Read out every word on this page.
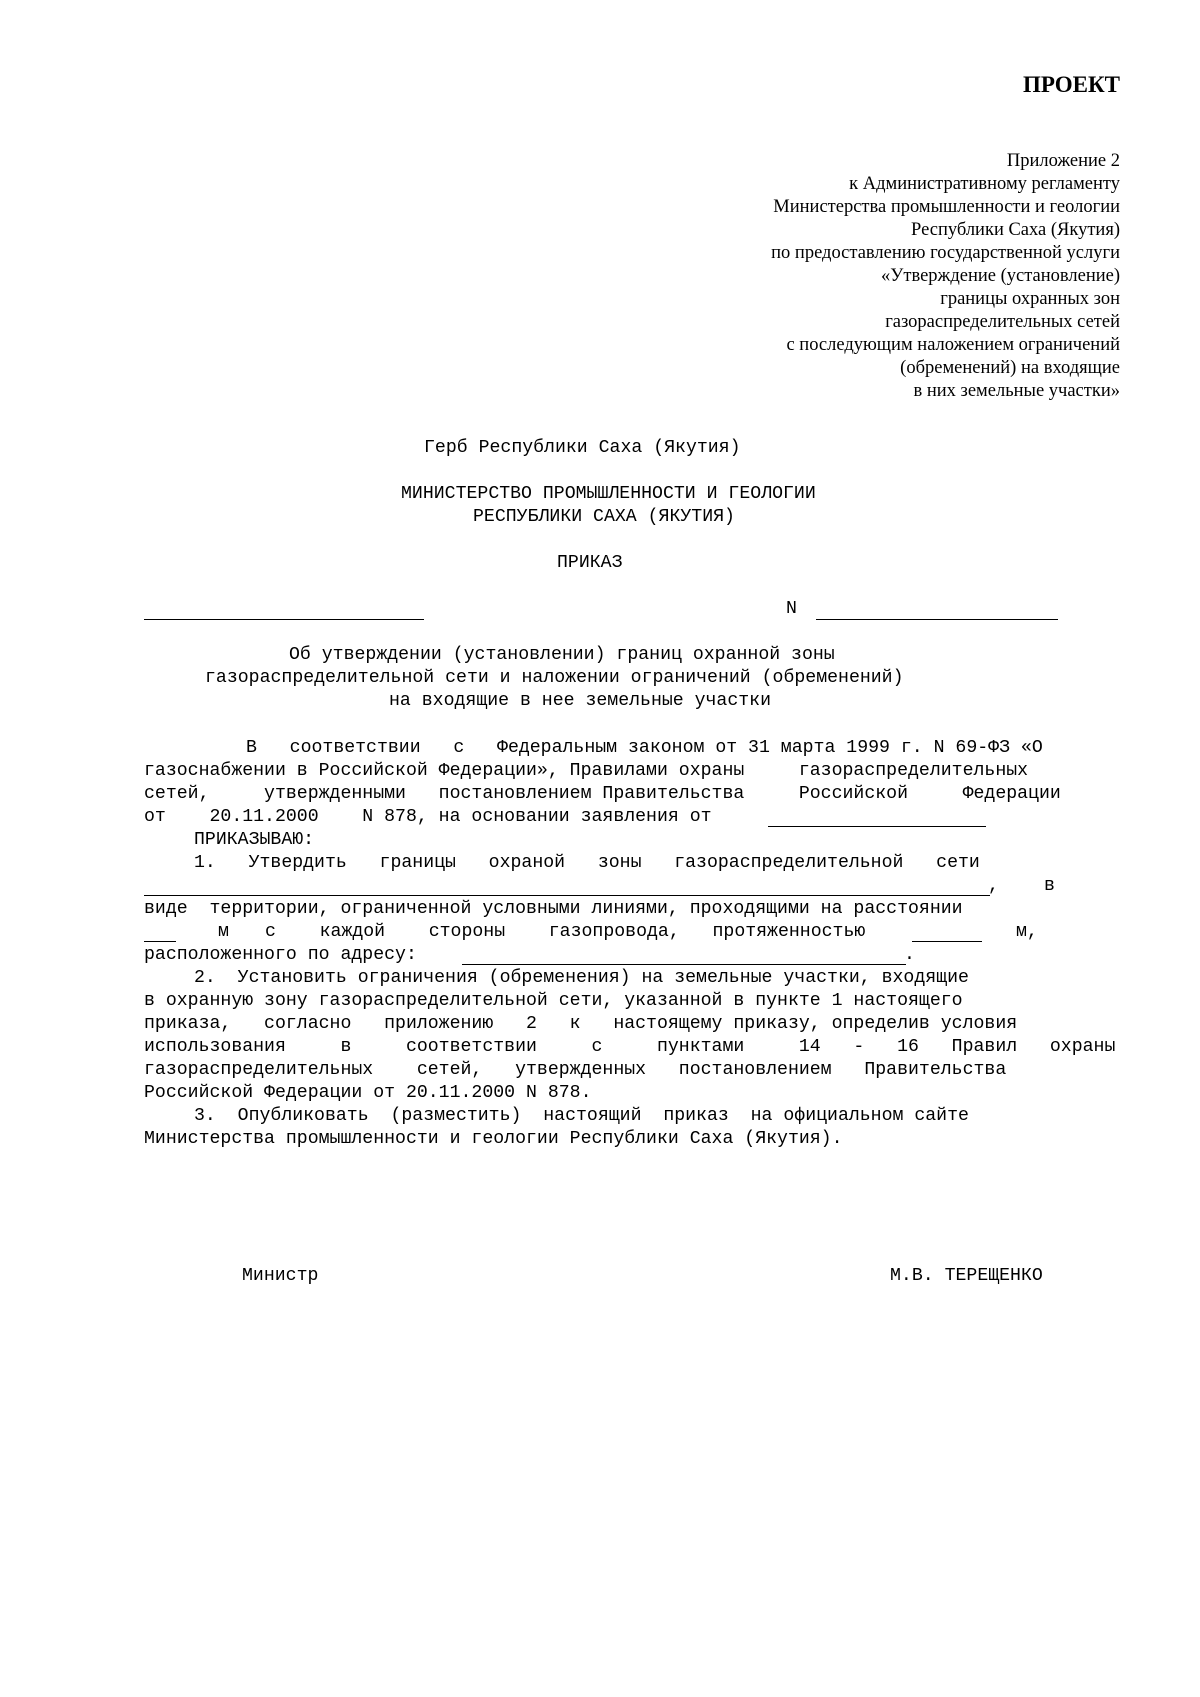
ПРОЕКТ
Приложение 2
к Административному регламенту
Министерства промышленности и геологии
Республики Саха (Якутия)
по предоставлению государственной услуги
«Утверждение (установление)
границы охранных зон
газораспределительных сетей
с последующим наложением ограничений
(обременений) на входящие
в них земельные участки»
Герб Республики Саха (Якутия)
МИНИСТЕРСТВО ПРОМЫШЛЕННОСТИ И ГЕОЛОГИИ
РЕСПУБЛИКИ САХА (ЯКУТИЯ)
ПРИКАЗ
N
Об утверждении (установлении) границ охранной зоны
газораспределительной сети и наложении ограничений (обременений)
на входящие в нее земельные участки
В   соответствии   с   Федеральным законом от 31 марта 1999 г. N 69-ФЗ «О
газоснабжении в Российской Федерации», Правилами охраны     газораспределительных
сетей,     утвержденными   постановлением Правительства     Российской     Федерации
от    20.11.2000    N 878, на основании заявления от
ПРИКАЗЫВАЮ:
1.   Утвердить   границы   охраной   зоны   газораспределительной   сети
, в
виде  территории, ограниченной условными линиями, проходящими на расстоянии
м с    каждой    стороны    газопровода,   протяженностью	м,
расположенного по адресу:	.
2.  Установить ограничения (обременения) на земельные участки, входящие
в охранную зону газораспределительной сети, указанной в пункте 1 настоящего
приказа,   согласно   приложению   2   к   настоящему приказу, определив условия
использования     в     соответствии     с     пунктами     14   -   16   Правил   охраны
газораспределительных    сетей,   утвержденных   постановлением   Правительства
Российской Федерации от 20.11.2000 N 878.
3.  Опубликовать  (разместить)  настоящий  приказ  на официальном сайте
Министерства промышленности и геологии Республики Саха (Якутия).
Министр	М.В. ТЕРЕЩЕНКО
